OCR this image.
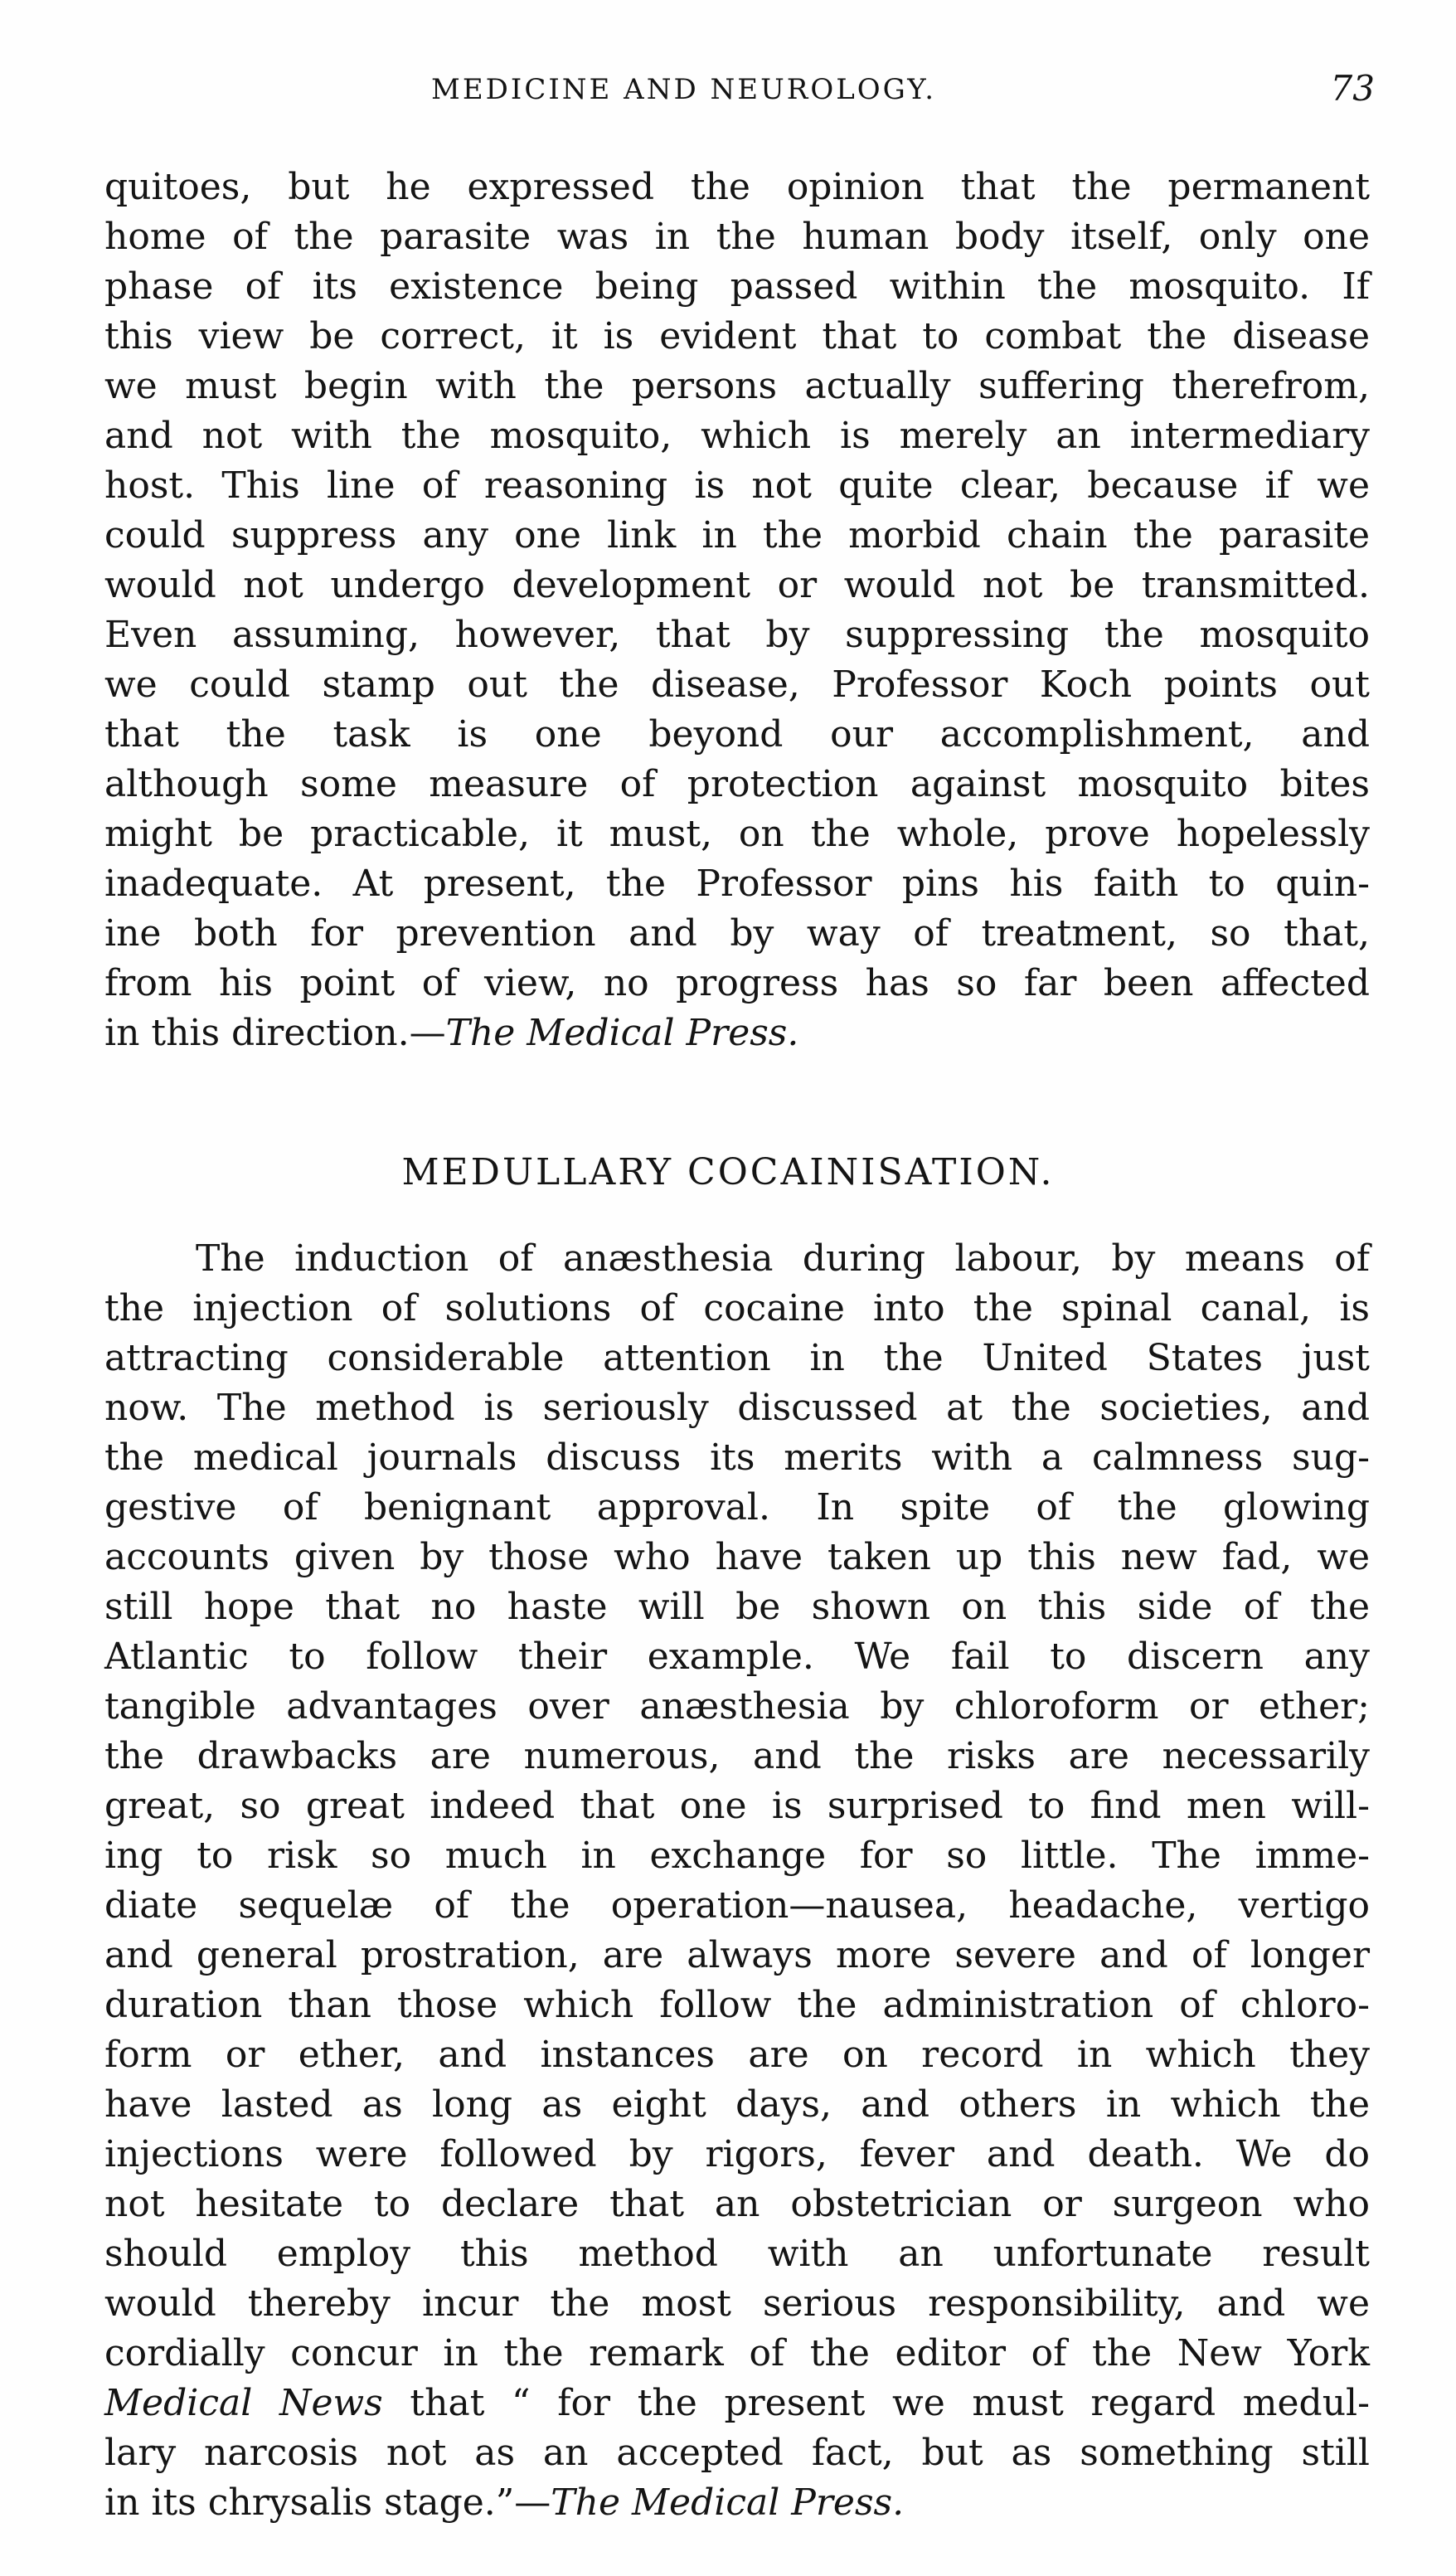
MEDICINE AND NEUROLOGY.	73
quitoes, but he expressed the opinion that the permanent
home of the parasite was in the human body itself, only one
phase of its existence being passed within the mosquito. If
this view be correct, it is evident that to combat the disease
we must begin with the persons actually suffering therefrom,
and not with the mosquito, which is merely an intermediary
host. This line of reasoning is not quite clear, because if we
could suppress any one link in the morbid chain the parasite
would not undergo development or would not be transmitted.
Even assuming, however, that by suppressing the mosquito
we could stamp out the disease, Professor Koch points out
that the task is one beyond our accomplishment, and
although some measure of protection against mosquito bites
might be practicable, it must, on the whole, prove hopelessly
inadequate. At present, the Professor pins his faith to quin-
ine both for prevention and by way of treatment, so that,
from his point of view, no progress has so far been affected
in this direction.—The Medical Press.
MEDULLARY COCAINISATION.
The induction of anæsthesia during labour, by means of
the injection of solutions of cocaine into the spinal canal, is
attracting considerable attention in the United States just
now. The method is seriously discussed at the societies, and
the medical journals discuss its merits with a calmness sug-
gestive of benignant approval. In spite of the glowing
accounts given by those who have taken up this new fad, we
still hope that no haste will be shown on this side of the
Atlantic to follow their example. We fail to discern any
tangible advantages over anæsthesia by chloroform or ether;
the drawbacks are numerous, and the risks are necessarily
great, so great indeed that one is surprised to find men will-
ing to risk so much in exchange for so little. The imme-
diate sequelæ of the operation—nausea, headache, vertigo
and general prostration, are always more severe and of longer
duration than those which follow the administration of chloro-
form or ether, and instances are on record in which they
have lasted as long as eight days, and others in which the
injections were followed by rigors, fever and death. We do
not hesitate to declare that an obstetrician or surgeon who
should employ this method with an unfortunate result
would thereby incur the most serious responsibility, and we
cordially concur in the remark of the editor of the New York
Medical News that “ for the present we must regard medul-
lary narcosis not as an accepted fact, but as something still
in its chrysalis stage.”—The Medical Press.
